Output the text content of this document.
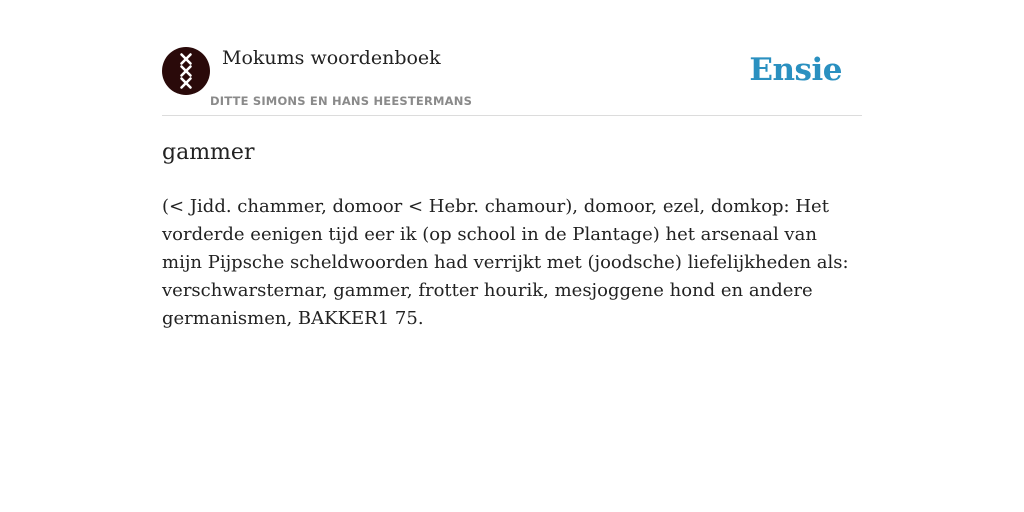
Mokums woordenboek
DITTE SIMONS EN HANS HEESTERMANS
Ensie
gammer

(< Jidd. chammer, domoor < Hebr. chamour), domoor, ezel, domkop: Het vorderde eenigen tijd eer ik (op school in de Plantage) het arsenaal van mijn Pijpsche scheldwoorden had verrijkt met (joodsche) liefelijkheden als: verschwarsternar, gammer, frotter hourik, mesjoggene hond en andere germanismen, BAKKER1 75.
